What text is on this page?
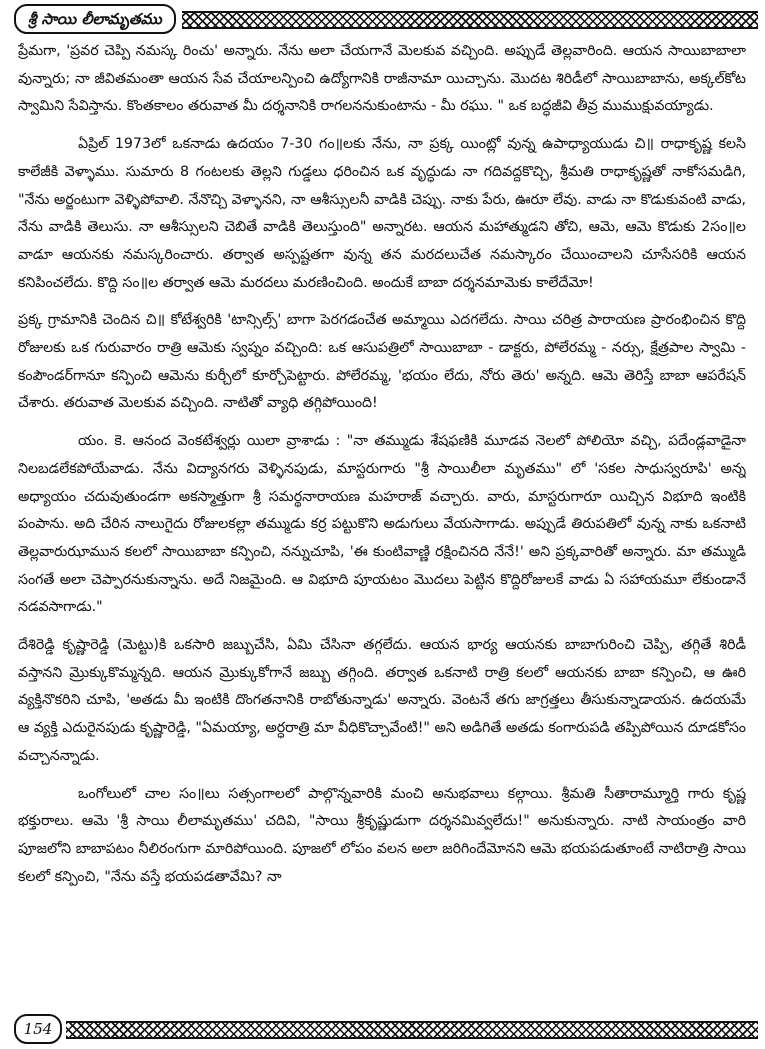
శ్రీ సాయి లీలామృతము

ప్రేమగా, 'ప్రవర చెప్పి నమస్క రించు' అన్నారు. నేను అలా చేయగానే మెలకువ వచ్చింది. అప్పుడే తెల్లవారింది. ఆయన సాయిబాబాలా వున్నారు; నా జీవితమంతా ఆయన సేవ చేయాలన్పించి ఉద్యోగానికి రాజీనామా యిచ్చాను. మొదట శిరిడీలో సాయిబాబాను, అక్కల్‌కోట స్వామిని సేవిస్తాను. కొంతకాలం తరువాత మీ దర్శనానికి రాగలననుకుంటాను - మీ రఘు. " ఒక బద్ధజీవి తీవ్ర ముముక్షువయ్యాడు.

ఏప్రిల్ 1973లో ఒకనాడు ఉదయం 7-30 గం॥లకు నేను, నా ప్రక్క యింట్లో వున్న ఉపాధ్యాయుడు చి॥ రాధాకృష్ణ కలసి కాలేజీకి వెళ్ళాము. సుమారు 8 గంటలకు తెల్లని గుడ్డలు ధరించిన ఒక వృద్ధుడు నా గదివద్దకొచ్చి, శ్రీమతి రాధాకృష్ణతో నాకోసమడిగి, "నేను అర్జంటుగా వెళ్ళిపోవాలి. నేనొచ్చి వెళ్ళానని, నా ఆశీస్సులనీ వాడికి చెప్పు. నాకు పేరు, ఊరూ లేవు. వాడు నా కొడుకువంటి వాడు, నేను వాడికి తెలుసు. నా ఆశీస్సులని చెబితే వాడికి తెలుస్తుంది" అన్నారట. ఆయన మహాత్ముడని తోచి, ఆమె, ఆమె కొడుకు 2సం॥ల వాడూ ఆయనకు నమస్కరించారు. తర్వాత అస్పష్టతగా వున్న తన మరదలుచేత నమస్కారం చేయించాలని చూసేసరికి ఆయన కనిపించలేదు. కొద్ది సం॥ల తర్వాత ఆమె మరదలు మరణించింది. అందుకే బాబా దర్శనమామెకు కాలేదేమో!

ప్రక్క గ్రామానికి చెందిన చి॥ కోటేశ్వరికి 'టాన్సిల్స్' బాగా పెరగడంచేత అమ్మాయి ఎదగలేదు. సాయి చరిత్ర పారాయణ ప్రారంభించిన కొద్ది రోజులకు ఒక గురువారం రాత్రి ఆమెకు స్వప్నం వచ్చింది: ఒక ఆసుపత్రిలో సాయిబాబా - డాక్టరు, పోలేరమ్మ - నర్సు, క్షేత్రపాల స్వామి - కంపౌండర్‌గానూ కన్పించి ఆమెను కుర్చీలో కూర్చోపెట్టారు. పోలేరమ్మ, 'భయం లేదు, నోరు తెరు' అన్నది. ఆమె తెరిస్తే బాబా ఆపరేషన్ చేశారు. తరువాత మెలకువ వచ్చింది. నాటితో వ్యాధి తగ్గిపోయింది!

యం. కె. ఆనంద వెంకటేశ్వర్లు యిలా వ్రాశాడు : "నా తమ్ముడు శేషఫణికి మూడవ నెలలో పోలియో వచ్చి, పదేండ్లవాడైనా నిలబడలేకపోయేవాడు. నేను విద్యానగరు వెళ్ళినపుడు, మాస్టరుగారు "శ్రీ సాయిలీలా మృతము" లో 'సకల సాధుస్వరూపి' అన్న అధ్యాయం చదువుతుండగా అకస్మాత్తుగా శ్రీ సమర్థనారాయణ మహరాజ్ వచ్చారు. వారు, మాస్టరుగారూ యిచ్చిన విభూది ఇంటికి పంపాను. అది చేరిన నాలుగైదు రోజులకల్లా తమ్ముడు కర్ర పట్టుకొని అడుగులు వేయసాగాడు. అప్పుడే తిరుపతిలో వున్న నాకు ఒకనాటి తెల్లవారుఝామున కలలో సాయిబాబా కన్పించి, నన్నుచూపి, 'ఈ కుంటివాణ్ణి రక్షించినది నేనే!' అని ప్రక్కవారితో అన్నారు. మా తమ్ముడి సంగతే అలా చెప్పారనుకున్నాను. అదే నిజమైంది. ఆ విభూది పూయటం మొదలు పెట్టిన కొద్దిరోజులకే వాడు ఏ సహాయమూ లేకుండానే నడవసాగాడు."

దేశిరెడ్డి కృష్ణారెడ్డి (మెట్టు)కి ఒకసారి జబ్బుచేసి, ఏమి చేసినా తగ్గలేదు. ఆయన భార్య ఆయనకు బాబాగురించి చెప్పి, తగ్గితే శిరిడీ వస్తానని మ్రొక్కుకొమ్మన్నది. ఆయన మ్రొక్కుకోగానే జబ్బు తగ్గింది. తర్వాత ఒకనాటి రాత్రి కలలో ఆయనకు బాబా కన్పించి, ఆ ఊరి వ్యక్తినొకరిని చూపి, 'అతడు మీ ఇంటికి దొంగతనానికి రాబోతున్నాడు' అన్నారు. వెంటనే తగు జాగ్రత్తలు తీసుకున్నాడాయన. ఉదయమే ఆ వ్యక్తి ఎదురైనపుడు కృష్ణారెడ్డి, "ఏమయ్యా, అర్ధరాత్రి మా వీధికొచ్చావేంటి!" అని అడిగితే అతడు కంగారుపడి తప్పిపోయిన దూడకోసం వచ్చానన్నాడు.

ఒంగోలులో చాల సం॥లు సత్సంగాలలో పాల్గొన్నవారికి మంచి అనుభవాలు కల్గాయి. శ్రీమతి సీతారామ్మూర్తి గారు కృష్ణ భక్తురాలు. ఆమె 'శ్రీ సాయి లీలామృతము' చదివి, "సాయి శ్రీకృష్ణుడుగా దర్శనమివ్వలేదు!" అనుకున్నారు. నాటి సాయంత్రం వారి పూజలోని బాబాపటం నీలిరంగుగా మారిపోయింది. పూజలో లోపం వలన అలా జరిగిందేమోనని ఆమె భయపడుతూంటే నాటిరాత్రి సాయి కలలో కన్పించి, "నేను వస్తే భయపడతావేమి? నా

154
